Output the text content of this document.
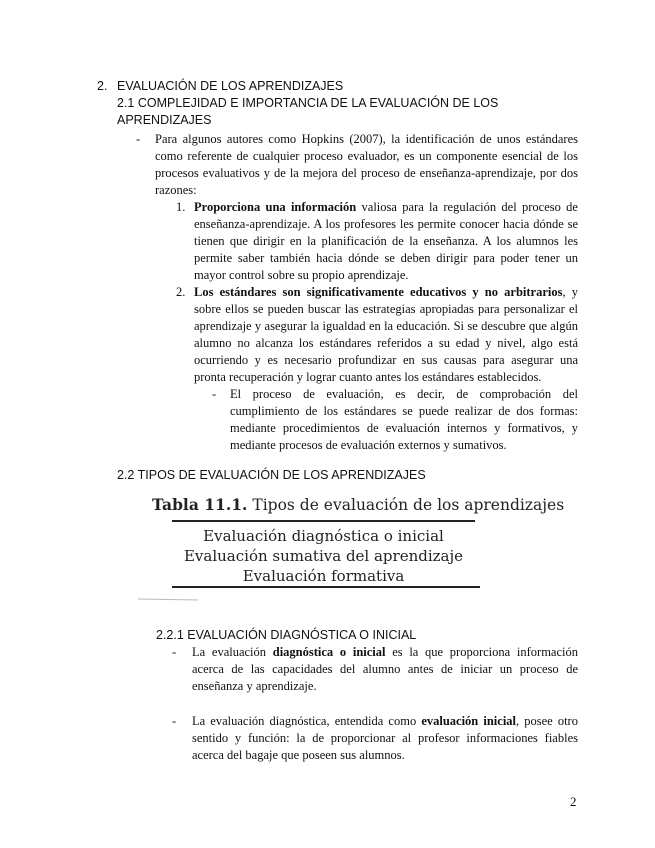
2. EVALUACIÓN DE LOS APRENDIZAJES
2.1 COMPLEJIDAD E IMPORTANCIA DE LA EVALUACIÓN DE LOS
APRENDIZAJES
- Para algunos autores como Hopkins (2007), la identificación de unos estándares como referente de cualquier proceso evaluador, es un componente esencial de los procesos evaluativos y de la mejora del proceso de enseñanza-aprendizaje, por dos razones:
1. Proporciona una información valiosa para la regulación del proceso de enseñanza-aprendizaje. A los profesores les permite conocer hacia dónde se tienen que dirigir en la planificación de la enseñanza. A los alumnos les permite saber también hacia dónde se deben dirigir para poder tener un mayor control sobre su propio aprendizaje.
2. Los estándares son significativamente educativos y no arbitrarios, y sobre ellos se pueden buscar las estrategias apropiadas para personalizar el aprendizaje y asegurar la igualdad en la educación. Si se descubre que algún alumno no alcanza los estándares referidos a su edad y nivel, algo está ocurriendo y es necesario profundizar en sus causas para asegurar una pronta recuperación y lograr cuanto antes los estándares establecidos.
- El proceso de evaluación, es decir, de comprobación del cumplimiento de los estándares se puede realizar de dos formas: mediante procedimientos de evaluación internos y formativos, y mediante procesos de evaluación externos y sumativos.
2.2 TIPOS DE EVALUACIÓN DE LOS APRENDIZAJES
Tabla 11.1. Tipos de evaluación de los aprendizajes
Evaluación diagnóstica o inicial
Evaluación sumativa del aprendizaje
Evaluación formativa
2.2.1 EVALUACIÓN DIAGNÓSTICA O INICIAL
- La evaluación diagnóstica o inicial es la que proporciona información acerca de las capacidades del alumno antes de iniciar un proceso de enseñanza y aprendizaje.
- La evaluación diagnóstica, entendida como evaluación inicial, posee otro sentido y función: la de proporcionar al profesor informaciones fiables acerca del bagaje que poseen sus alumnos.
2
